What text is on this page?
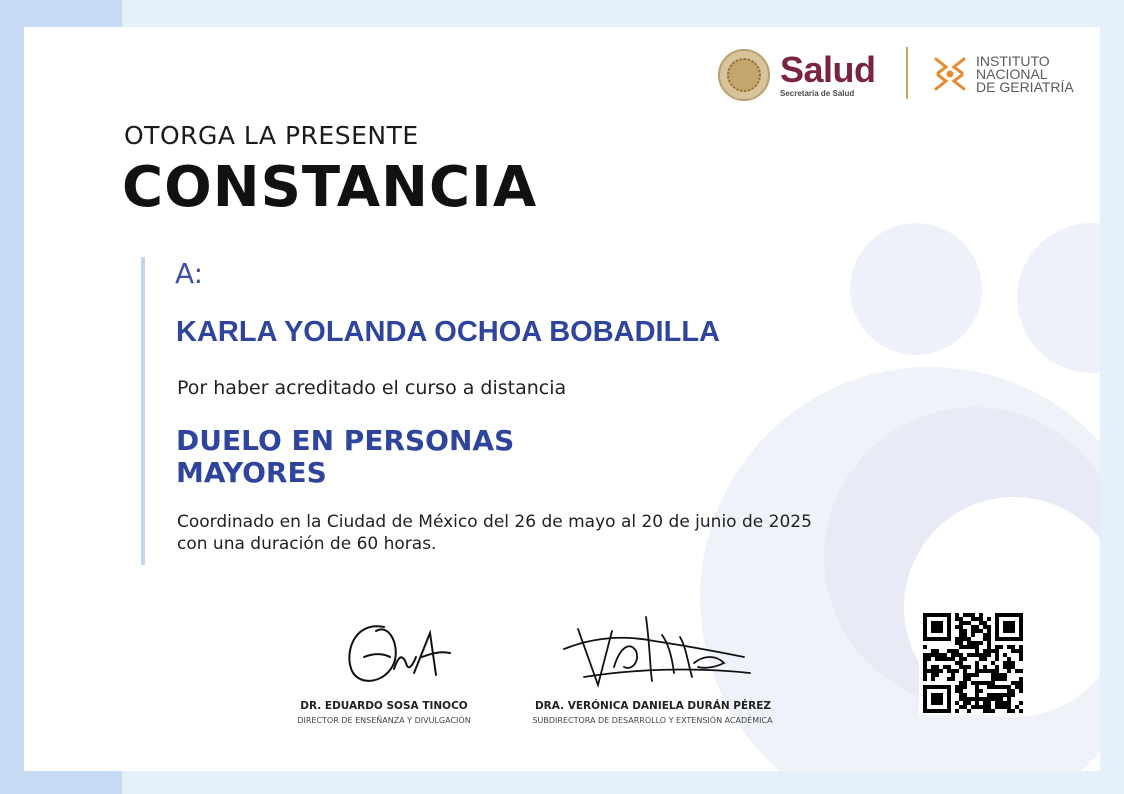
Salud
Secretaría de Salud
INSTITUTO
NACIONAL
DE GERIATRÍA
OTORGA LA PRESENTE
CONSTANCIA
A:
KARLA YOLANDA OCHOA BOBADILLA
Por haber acreditado el curso a distancia
DUELO EN PERSONAS
MAYORES
Coordinado en la Ciudad de México del 26 de mayo al 20 de junio de 2025
con una duración de 60 horas.
DR. EDUARDO SOSA TINOCO
DIRECTOR DE ENSEÑANZA Y DIVULGACIÓN
DRA. VERÓNICA DANIELA DURÁN PÉREZ
SUBDIRECTORA DE DESARROLLO Y EXTENSIÓN ACADÉMICA
